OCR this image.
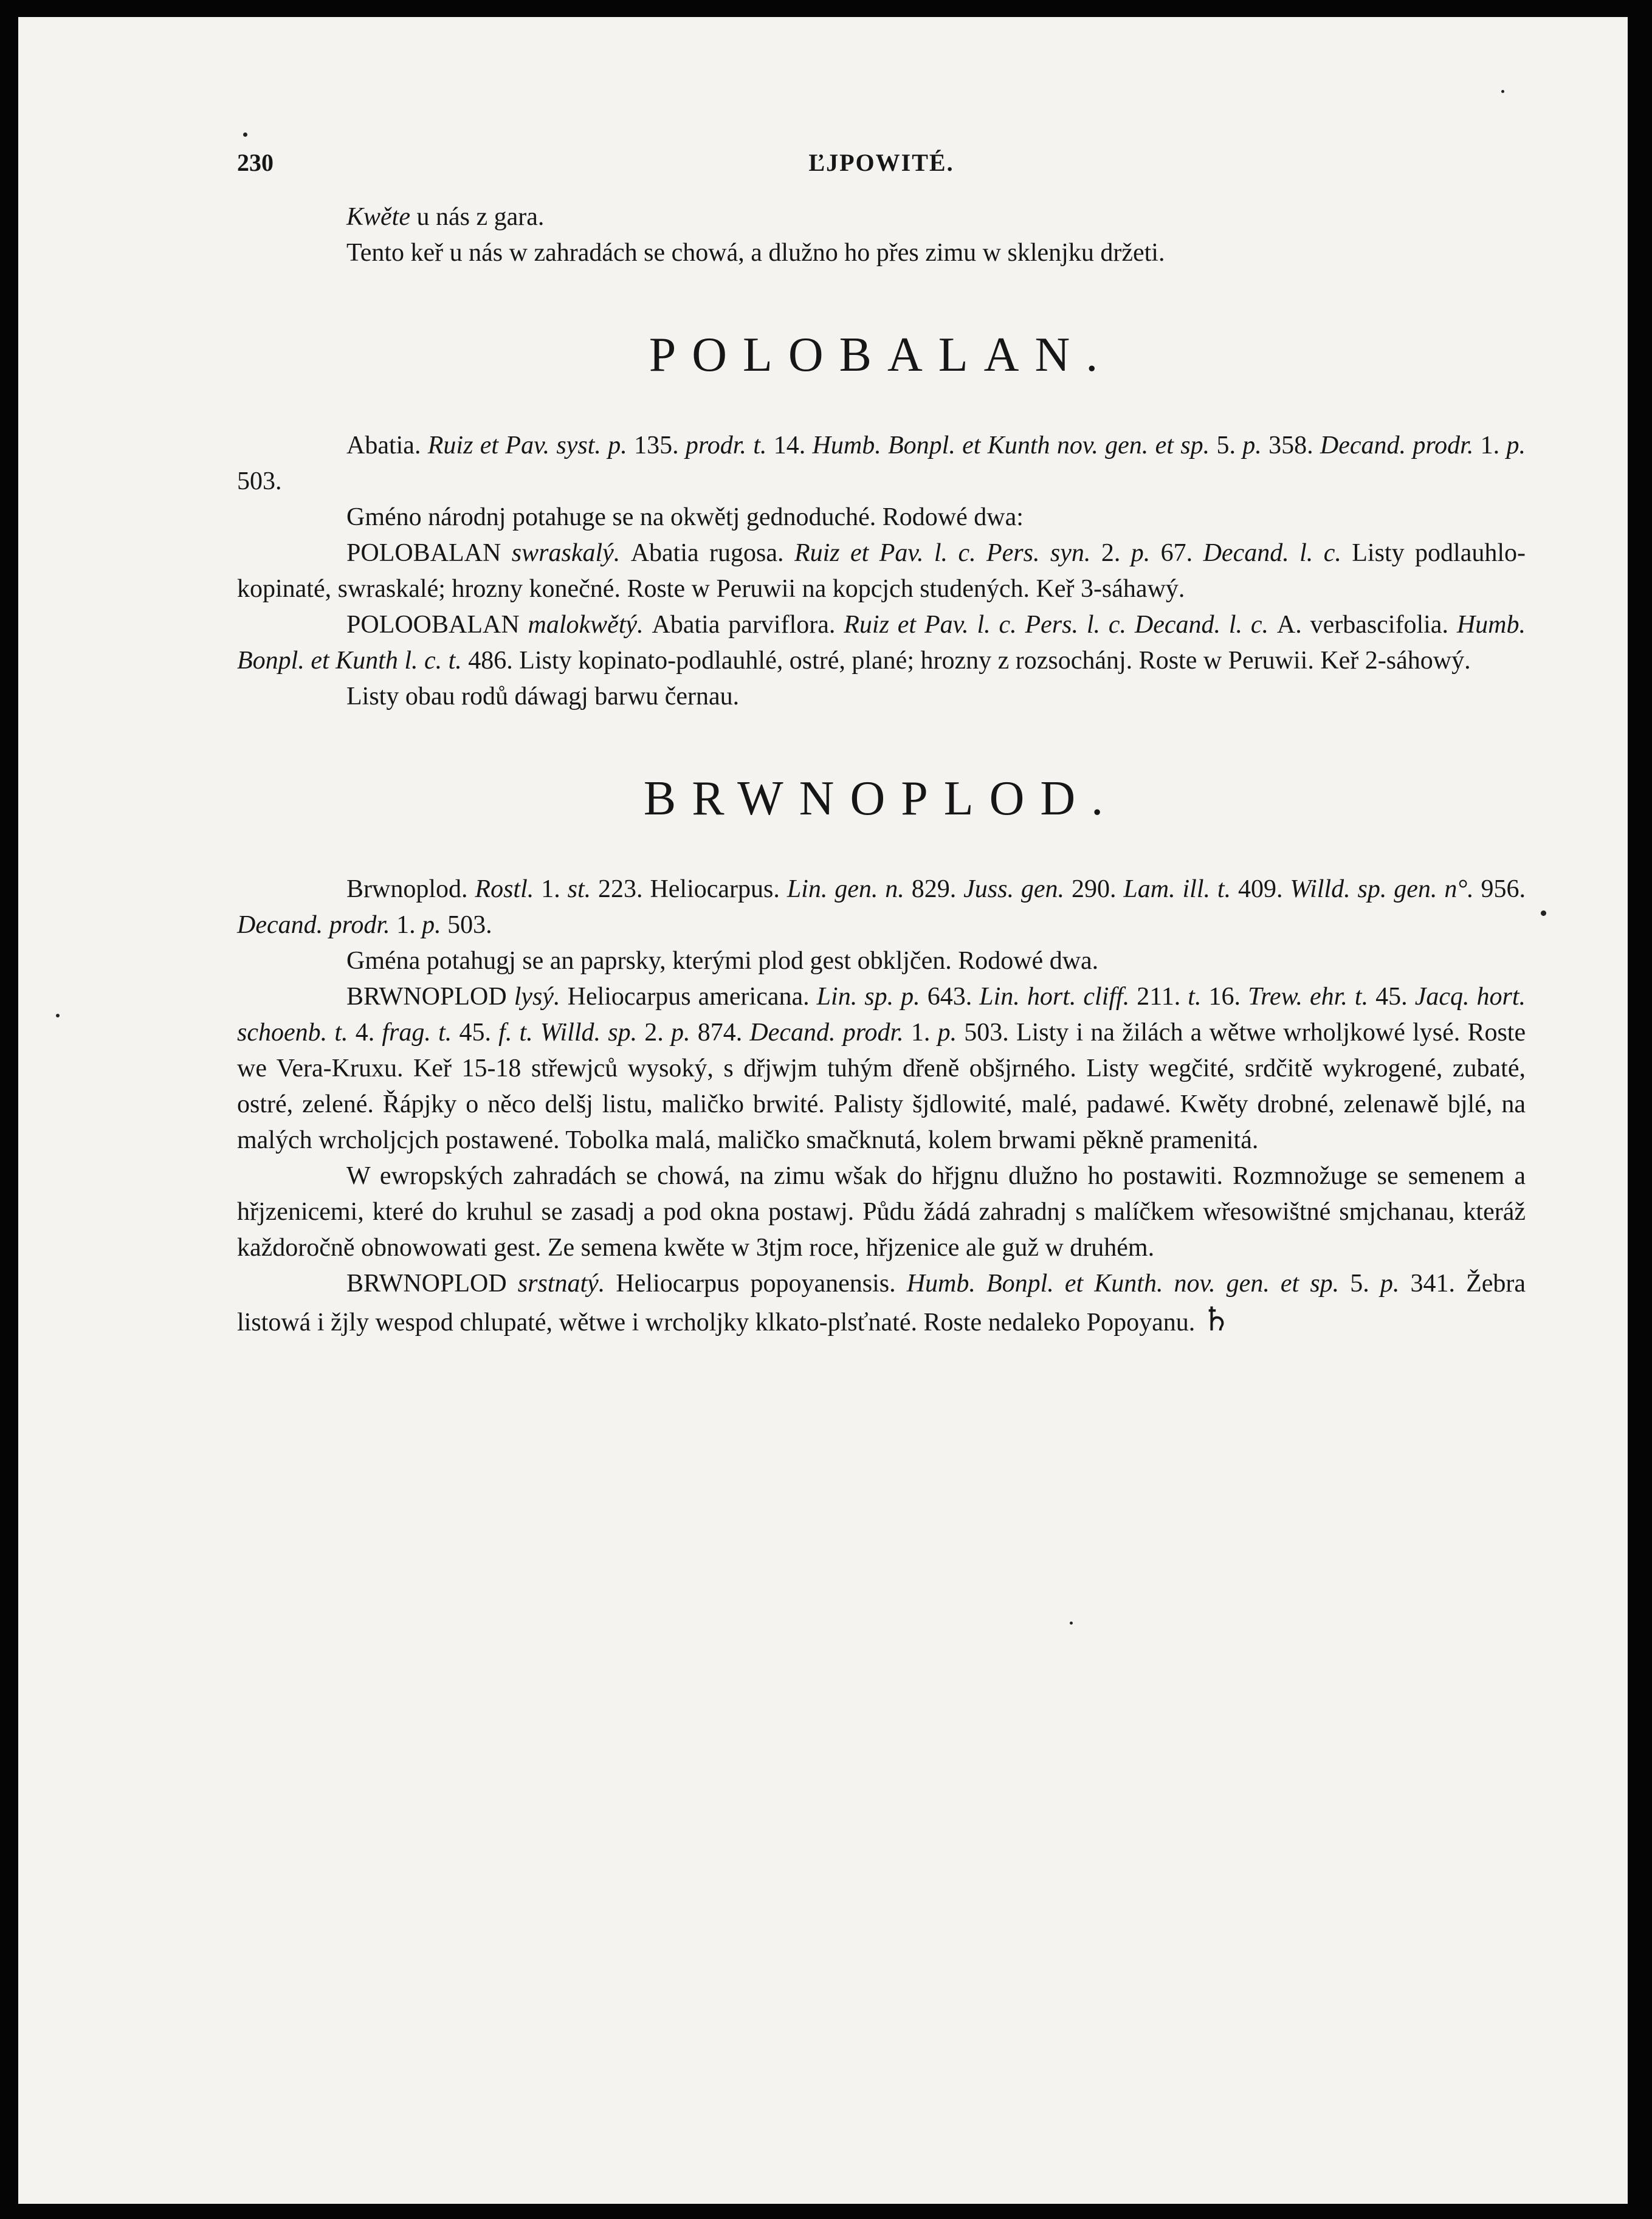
230	ĽJPOWITÉ.

Kwěte u nás z gara.

Tento keř u nás w zahradách se chowá, a dlužno ho přes zimu w sklenjku držeti.

POLOBALAN.

Abatia. Ruiz et Pav. syst. p. 135. prodr. t. 14. Humb. Bonpl. et Kunth nov. gen. et sp. 5. p. 358. Decand. prodr. 1. p. 503.

Gméno národnj potahuge se na okwětj gednoduché. Rodowé dwa:

POLOBALAN swraskalý. Abatia rugosa. Ruiz et Pav. l. c. Pers. syn. 2. p. 67. Decand. l. c. Listy podlauhlo-kopinaté, swraskalé; hrozny konečné. Roste w Peruwii na kopcjch studených. Keř 3-sáhawý.

POLOOBALAN malokwětý. Abatia parviflora. Ruiz et Pav. l. c. Pers. l. c. Decand. l. c. A. verbascifolia. Humb. Bonpl. et Kunth l. c. t. 486. Listy kopinato-podlauhlé, ostré, plané; hrozny z rozsochánj. Roste w Peruwii. Keř 2-sáhowý.

Listy obau rodů dáwagj barwu černau.

BRWNOPLOD.

Brwnoplod. Rostl. 1. st. 223. Heliocarpus. Lin. gen. n. 829. Juss. gen. 290. Lam. ill. t. 409. Willd. sp. gen. n°. 956. Decand. prodr. 1. p. 503.

Gména potahugj se an paprsky, kterými plod gest obkljčen. Rodowé dwa.

BRWNOPLOD lysý. Heliocarpus americana. Lin. sp. p. 643. Lin. hort. cliff. 211. t. 16. Trew. ehr. t. 45. Jacq. hort. schoenb. t. 4. frag. t. 45. f. t. Willd. sp. 2. p. 874. Decand. prodr. 1. p. 503. Listy i na žilách a wětwe wrholjkowé lysé. Roste we Vera-Kruxu. Keř 15-18 střewjců wysoký, s dřjwjm tuhým dřeně obšjrného. Listy wegčité, srdčitě wykrogené, zubaté, ostré, zelené. Řápjky o něco delšj listu, maličko brwité. Palisty šjdlowité, malé, padawé. Kwěty drobné, zelenawě bjlé, na malých wrcholjcjch postawené. Tobolka malá, maličko smačknutá, kolem brwami pěkně pramenitá.

W ewropských zahradách se chowá, na zimu wšak do hřjgnu dlužno ho postawiti. Rozmnožuge se semenem a hřjzenicemi, které do kruhul se zasadj a pod okna postawj. Půdu žádá zahradnj s malíčkem wřesowištné smjchanau, kteráž každoročně obnowowati gest. Ze semena kwěte w 3tjm roce, hřjzenice ale guž w druhém.

BRWNOPLOD srstnatý. Heliocarpus popoyanensis. Humb. Bonpl. et Kunth. nov. gen. et sp. 5. p. 341. Žebra listowá i žjly wespod chlupaté, wětwe i wrcholjky klkato-plsťnaté. Roste nedaleko Popoyanu. ♄
